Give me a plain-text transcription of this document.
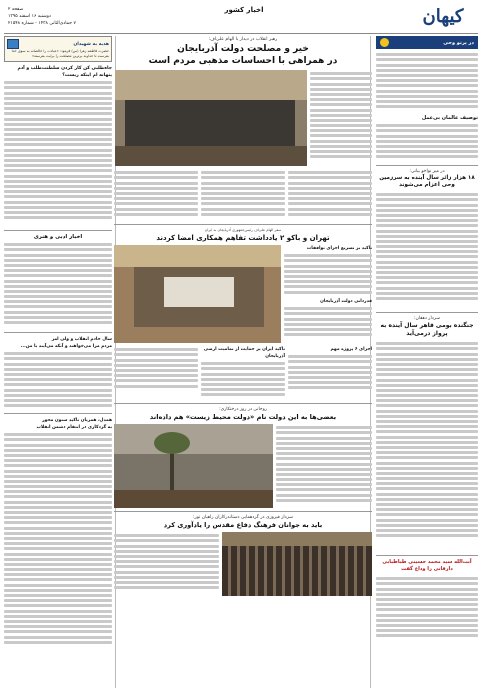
کیهان
اخبار کشور
صفحه ۲
دوشنبه ۱۶ اسفند ۱۳۹۵
۷ جمادی‌الثانی ۱۴۳۸ - شماره ۲۱۵۴۸
در پرتو وحی
توصیف عالمان بی‌عمل
در میز نواخو بیانی:
۱۸ هزار زائر سال آینده به سرزمین وحی اعزام می‌شوند
سردار دهقان:
جنگنده بومی قاهر سال آینده به پرواز درمی‌آید
آیت‌الله سید محمد حسینی طباطبایی دارفانی را وداع گفت
رهبر انقلاب در دیدار با الهام علی‌اف:
خیر و مصلحت دولت آذربایجان
در همراهی با احساسات مذهبی مردم است
سفر الهام علی‌اف رئیس‌جمهوری آذربایجان به ایران
تهران و باکو ۲ یادداشت تفاهم همکاری امضا کردند
تاکید بر تسریع اجرای توافقات
قدردانی دولت آذربایجان
اجرای ۶ پروژه مهم
تاکید ایران بر حمایت از تمامیت ارضی آذربایجان
روحانی در روز درختکاری:
بعضی‌ها به این دولت نام «دولت محیط زیست» هم داده‌اند
سردار فیروزی در گردهمایی دستاندرکاران راهیان نور:
باید به جوانان فرهنگ دفاع مقدس را یادآوری کرد
هدیه به شهیدان
حضرت فاطمه زهرا (س) فرمود: «عبادت را خالصانه به سوی خدا بفرست تا خداوند برترین مصلحت را برایت بفرستد»
جاه‌طلبی کن کار کردن سلطنت‌طلب و آدم پنهانه ام اینکه زیست؟
اخبار ادبی و هنری
سال خادم انقلاب و ولی امر
مردم مرا می‌خواهند و آنکه می‌آیند با من...
همدل، همزبان تاکید ستون محور
به گردکاری در انتقام دشمن انقلاب
